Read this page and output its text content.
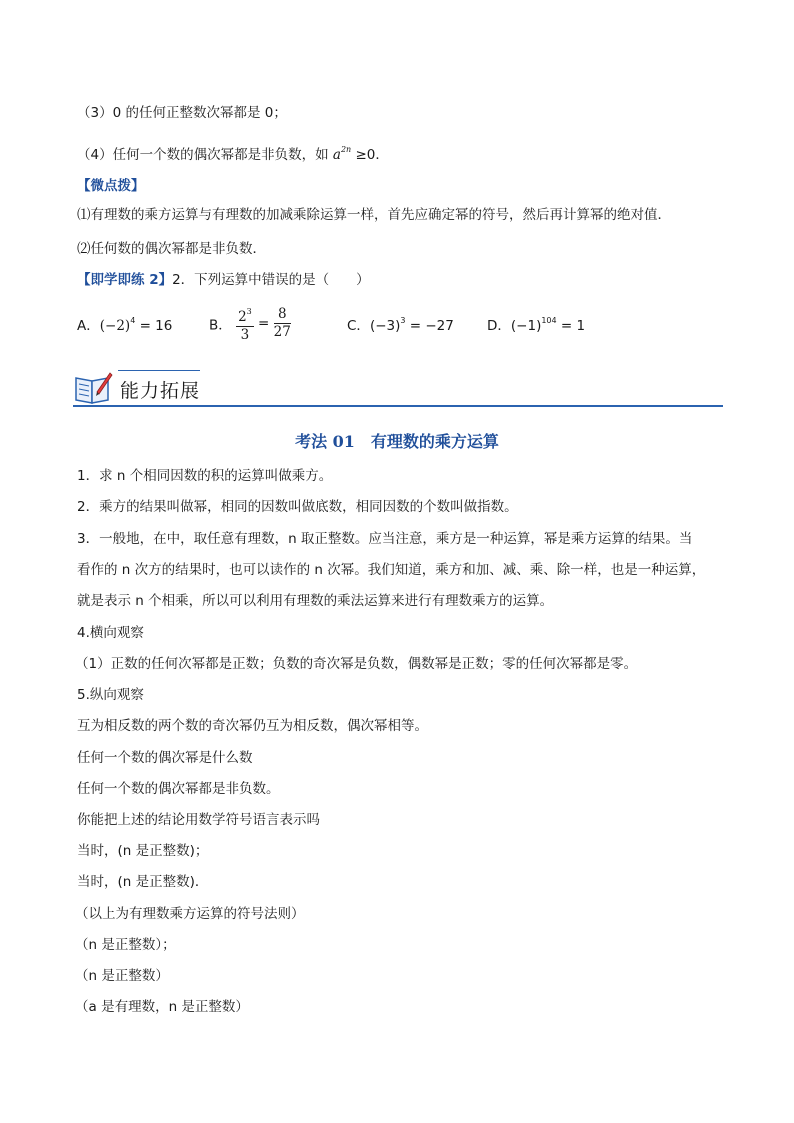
（3）0 的任何正整数次幂都是 0；
（4）任何一个数的偶次幂都是非负数，如 $a^{2n} \ge 0$．
【微点拨】
⑴有理数的乘方运算与有理数的加减乘除运算一样，首先应确定幂的符号，然后再计算幂的绝对值．
⑵任何数的偶次幂都是非负数．
【即学即练 2】2．下列运算中错误的是（　　）
A．$(-2)^4 = 16$	B． $\frac{2^3}{3} = \frac{8}{27}$	C．$(-3)^3 = -27$ D．$(-1)^{104} = 1$
能力拓展
考法 01　有理数的乘方运算
1．求 n 个相同因数的积的运算叫做乘方。
2．乘方的结果叫做幂，相同的因数叫做底数，相同因数的个数叫做指数。
3．一般地，在中，取任意有理数，n 取正整数。应当注意，乘方是一种运算，幂是乘方运算的结果。当
看作的 n 次方的结果时，也可以读作的 n 次幂。我们知道，乘方和加、减、乘、除一样，也是一种运算，
就是表示 n 个相乘，所以可以利用有理数的乘法运算来进行有理数乘方的运算。
4.横向观察
（1）正数的任何次幂都是正数；负数的奇次幂是负数，偶数幂是正数；零的任何次幂都是零。
5.纵向观察
互为相反数的两个数的奇次幂仍互为相反数，偶次幂相等。
任何一个数的偶次幂是什么数
任何一个数的偶次幂都是非负数。
你能把上述的结论用数学符号语言表示吗
当时，(n 是正整数)；
当时，(n 是正整数)．
（以上为有理数乘方运算的符号法则）
（n 是正整数）；
（n 是正整数）
（a 是有理数，n 是正整数）
